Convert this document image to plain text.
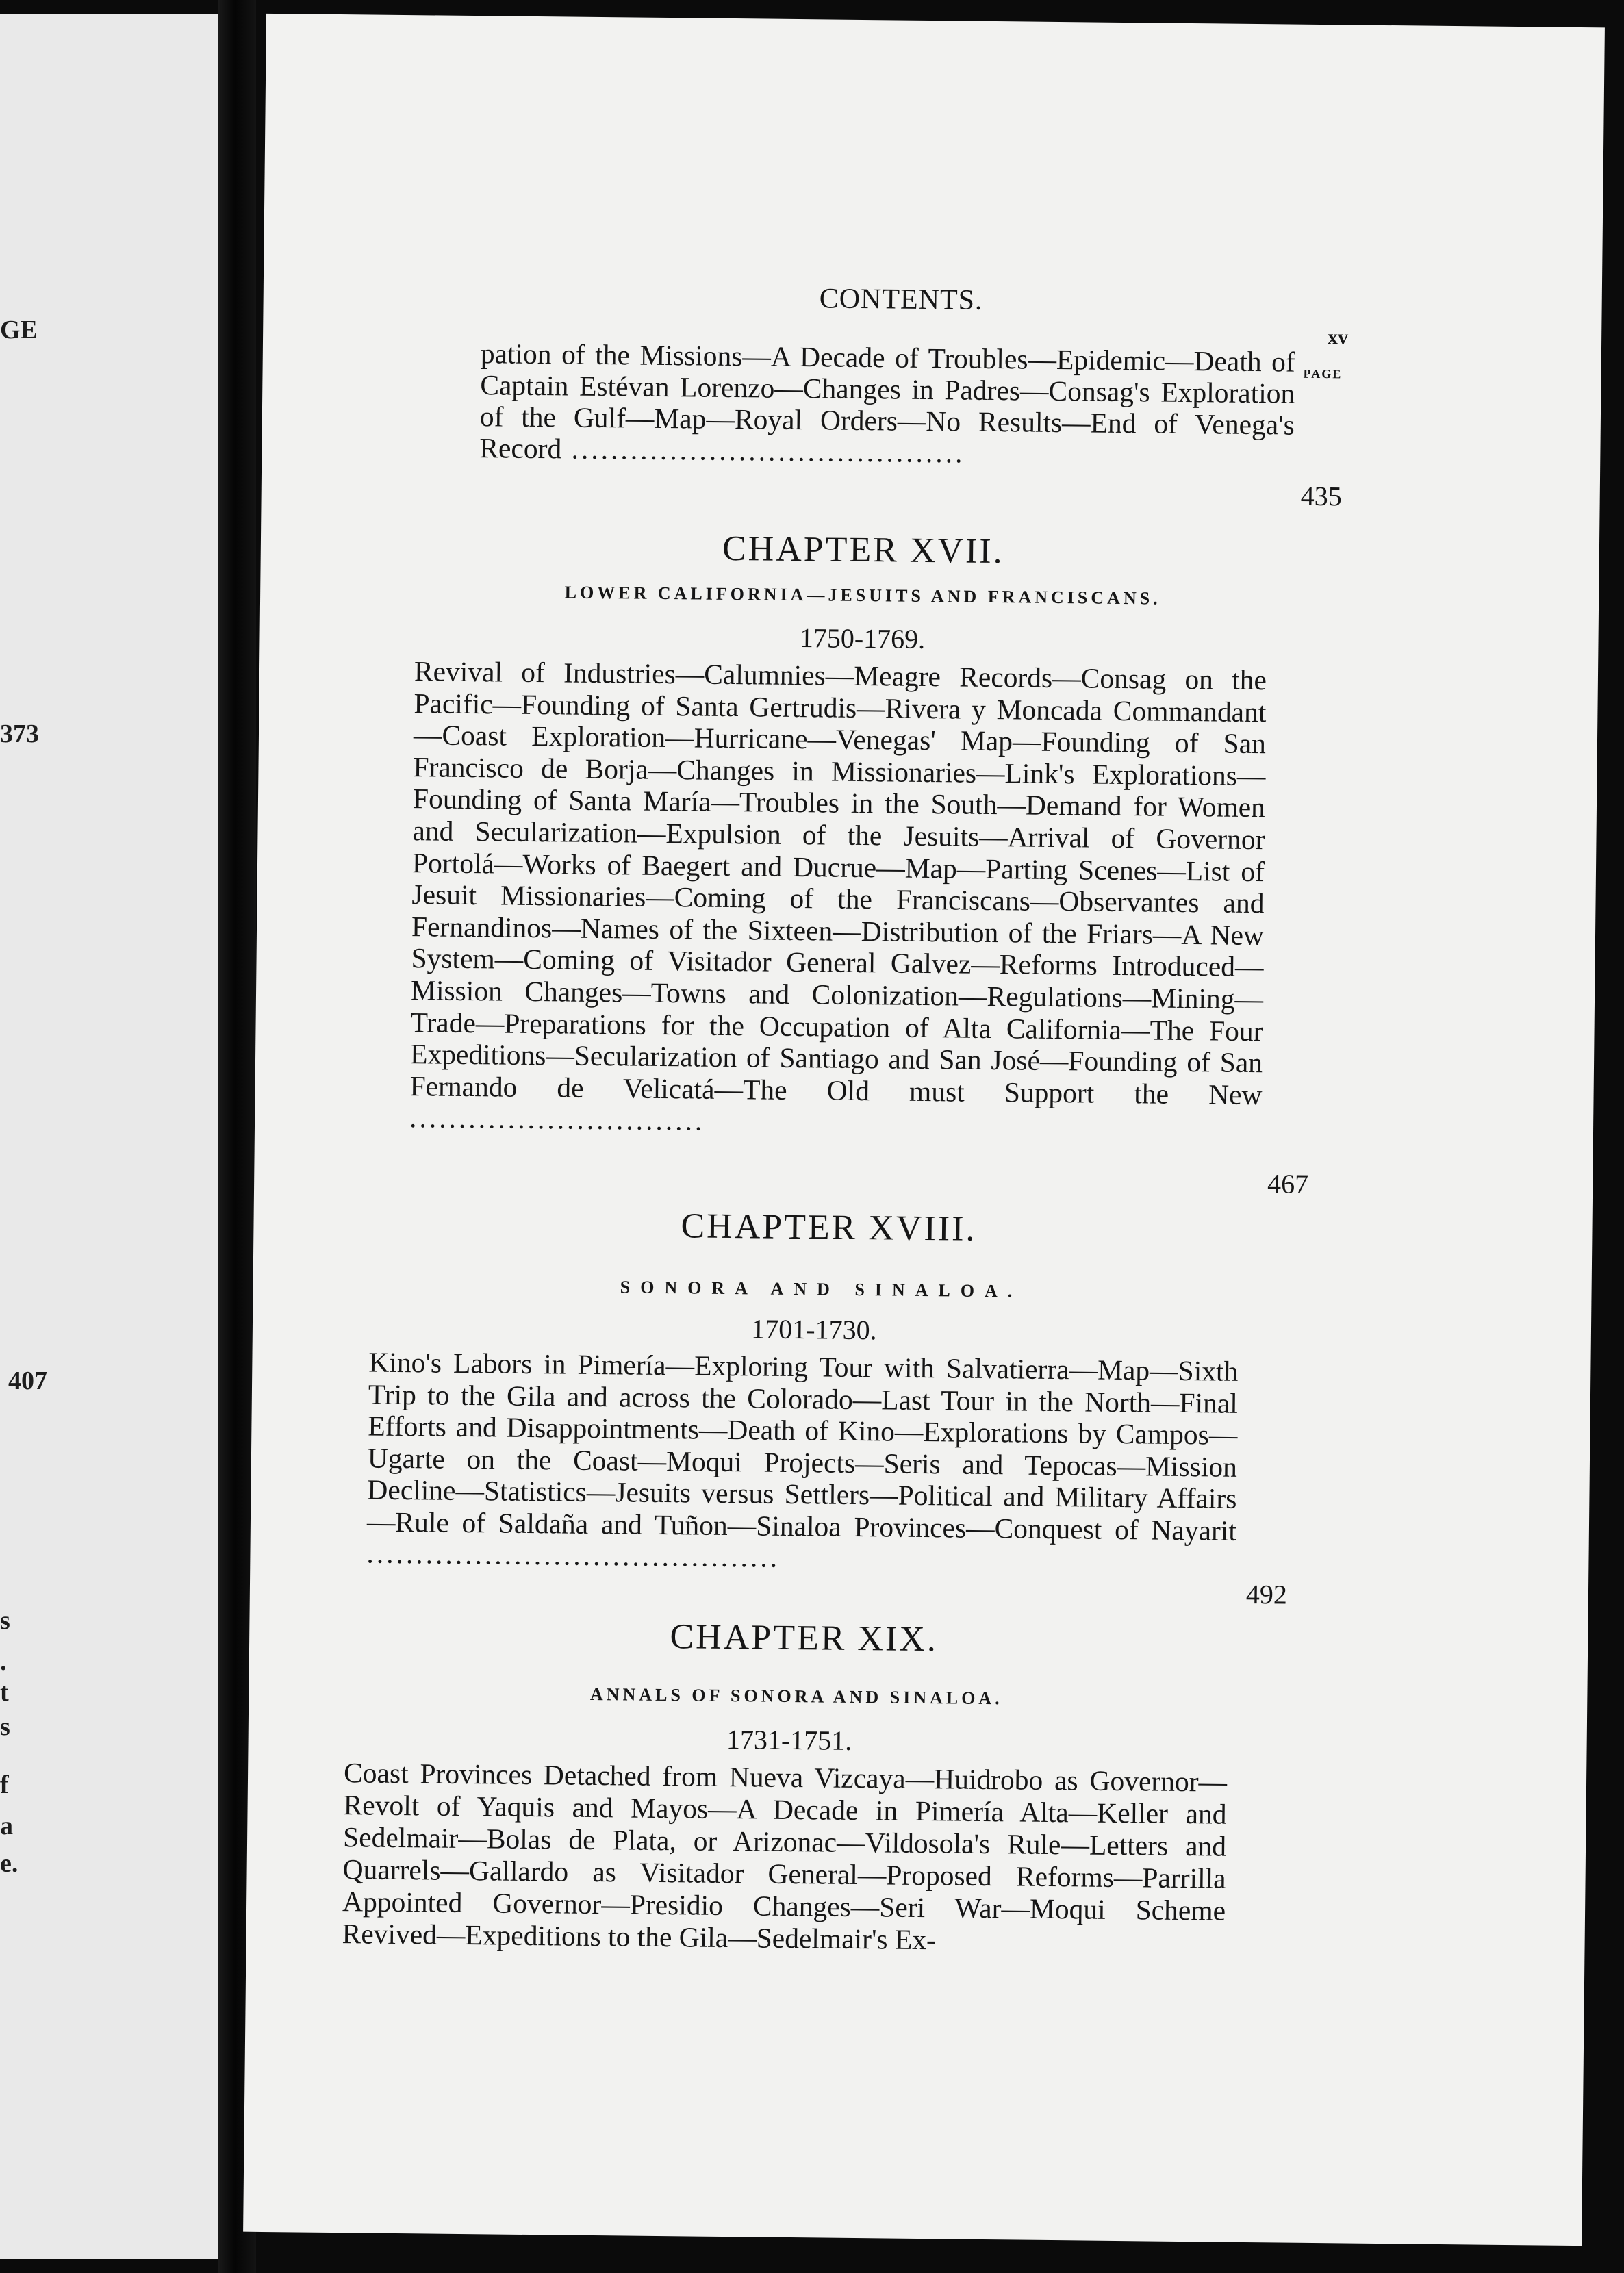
GE
373
407
s
.
t
s
f
a
e.
CONTENTS.
xv
PAGE

pation of the Missions—A Decade of Troubles—Epidemic—Death of Captain Estévan Lorenzo—Changes in Padres—Consag's Exploration of the Gulf—Map—Royal Orders—No Results—End of Venega's Record ........................................

435
CHAPTER XVII.
LOWER CALIFORNIA—JESUITS AND FRANCISCANS.
1750-1769.

Revival of Industries—Calumnies—Meagre Records—Consag on the Pacific—Founding of Santa Gertrudis—Rivera y Moncada Commandant—Coast Exploration—Hurricane—Venegas' Map—Founding of San Francisco de Borja—Changes in Missionaries—Link's Explorations—Founding of Santa María—Troubles in the South—Demand for Women and Secularization—Expulsion of the Jesuits—Arrival of Governor Portolá—Works of Baegert and Ducrue—Map—Parting Scenes—List of Jesuit Missionaries—Coming of the Franciscans—Observantes and Fernandinos—Names of the Sixteen—Distribution of the Friars—A New System—Coming of Visitador General Galvez—Reforms Introduced—Mission Changes—Towns and Colonization—Regulations—Mining—Trade—Preparations for the Occupation of Alta California—The Four Expeditions—Secularization of Santiago and San José—Founding of San Fernando de Velicatá—The Old must Support the New ..............................

467
CHAPTER XVIII.
SONORA AND SINALOA.
1701-1730.

Kino's Labors in Pimería—Exploring Tour with Salvatierra—Map—Sixth Trip to the Gila and across the Colorado—Last Tour in the North—Final Efforts and Disappointments—Death of Kino—Explorations by Campos—Ugarte on the Coast—Moqui Projects—Seris and Tepocas—Mission Decline—Statistics—Jesuits versus Settlers—Political and Military Affairs—Rule of Saldaña and Tuñon—Sinaloa Provinces—Conquest of Nayarit ..........................................

492
CHAPTER XIX.
ANNALS OF SONORA AND SINALOA.
1731-1751.

Coast Provinces Detached from Nueva Vizcaya—Huidrobo as Governor—Revolt of Yaquis and Mayos—A Decade in Pimería Alta—Keller and Sedelmair—Bolas de Plata, or Arizonac—Vildosola's Rule—Letters and Quarrels—Gallardo as Visitador General—Proposed Reforms—Parrilla Appointed Governor—Presidio Changes—Seri War—Moqui Scheme Revived—Expeditions to the Gila—Sedelmair's Ex-
